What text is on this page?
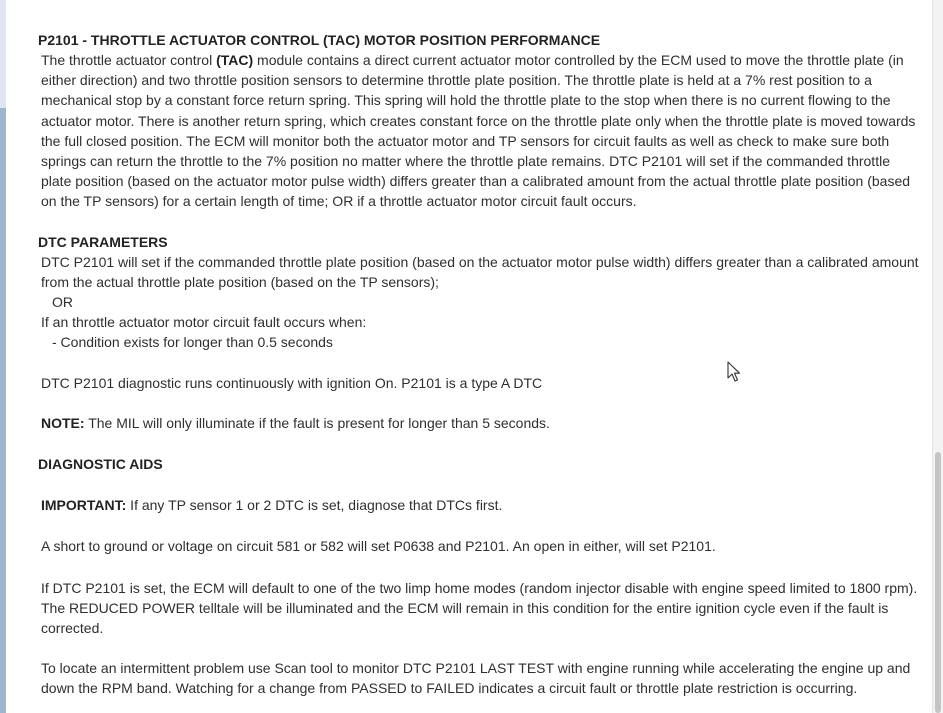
P2101 - THROTTLE ACTUATOR CONTROL (TAC) MOTOR POSITION PERFORMANCE

The throttle actuator control (TAC) module contains a direct current actuator motor controlled by the ECM used to move the throttle plate (in either direction) and two throttle position sensors to determine throttle plate position. The throttle plate is held at a 7% rest position to a mechanical stop by a constant force return spring. This spring will hold the throttle plate to the stop when there is no current flowing to the actuator motor. There is another return spring, which creates constant force on the throttle plate only when the throttle plate is moved towards the full closed position. The ECM will monitor both the actuator motor and TP sensors for circuit faults as well as check to make sure both springs can return the throttle to the 7% position no matter where the throttle plate remains. DTC P2101 will set if the commanded throttle plate position (based on the actuator motor pulse width) differs greater than a calibrated amount from the actual throttle plate position (based on the TP sensors) for a certain length of time; OR if a throttle actuator motor circuit fault occurs.

DTC PARAMETERS

DTC P2101 will set if the commanded throttle plate position (based on the actuator motor pulse width) differs greater than a calibrated amount from the actual throttle plate position (based on the TP sensors);

OR

If an throttle actuator motor circuit fault occurs when:

- Condition exists for longer than 0.5 seconds

DTC P2101 diagnostic runs continuously with ignition On. P2101 is a type A DTC

NOTE: The MIL will only illuminate if the fault is present for longer than 5 seconds.

DIAGNOSTIC AIDS

IMPORTANT: If any TP sensor 1 or 2 DTC is set, diagnose that DTCs first.

A short to ground or voltage on circuit 581 or 582 will set P0638 and P2101. An open in either, will set P2101.

If DTC P2101 is set, the ECM will default to one of the two limp home modes (random injector disable with engine speed limited to 1800 rpm). The REDUCED POWER telltale will be illuminated and the ECM will remain in this condition for the entire ignition cycle even if the fault is corrected.

To locate an intermittent problem use Scan tool to monitor DTC P2101 LAST TEST with engine running while accelerating the engine up and down the RPM band. Watching for a change from PASSED to FAILED indicates a circuit fault or throttle plate restriction is occurring.
